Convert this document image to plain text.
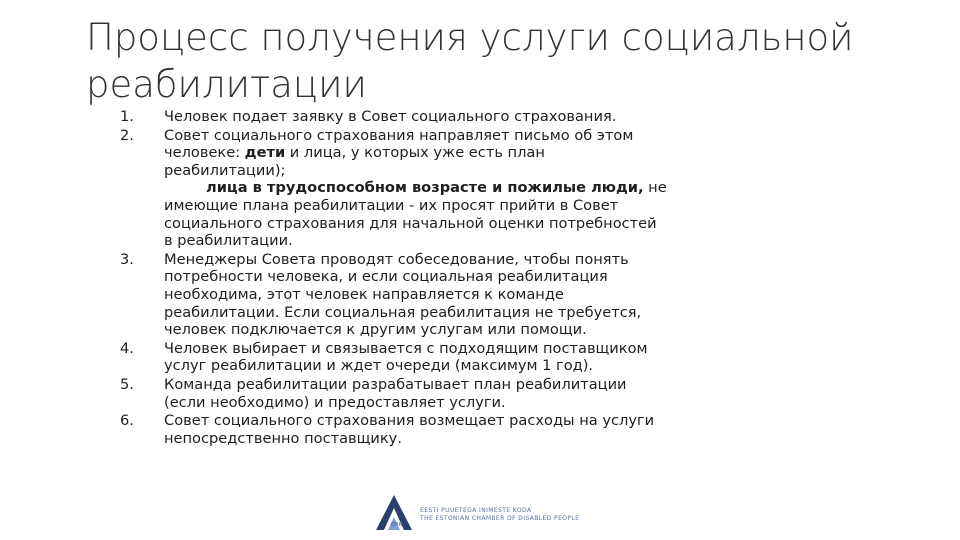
Процесс получения услуги социальной
реабилитации
1.	Человек подает заявку в Совет социального страхования.
2.	Совет социального страхования направляет письмо об этом
человеке: дети и лица, у которых уже есть план
реабилитации);
лица в трудоспособном возрасте и пожилые люди, не
имеющие плана реабилитации - их просят прийти в Совет
социального страхования для начальной оценки потребностей
в реабилитации.
3.	Менеджеры Совета проводят собеседование, чтобы понять
потребности человека, и если социальная реабилитация
необходима, этот человек направляется к команде
реабилитации. Если социальная реабилитация не требуется,
человек подключается к другим услугам или помощи.
4.	Человек выбирает и связывается с подходящим поставщиком
услуг реабилитации и ждет очереди (максимум 1 год).
5.	Команда реабилитации разрабатывает план реабилитации
(если необходимо) и предоставляет услуги.
6.	Совет социального страхования возмещает расходы на услуги
непосредственно поставщику.
EPIK
EESTI PUUETEGA INIMESTE KODA
THE ESTONIAN CHAMBER OF DISABLED PEOPLE
